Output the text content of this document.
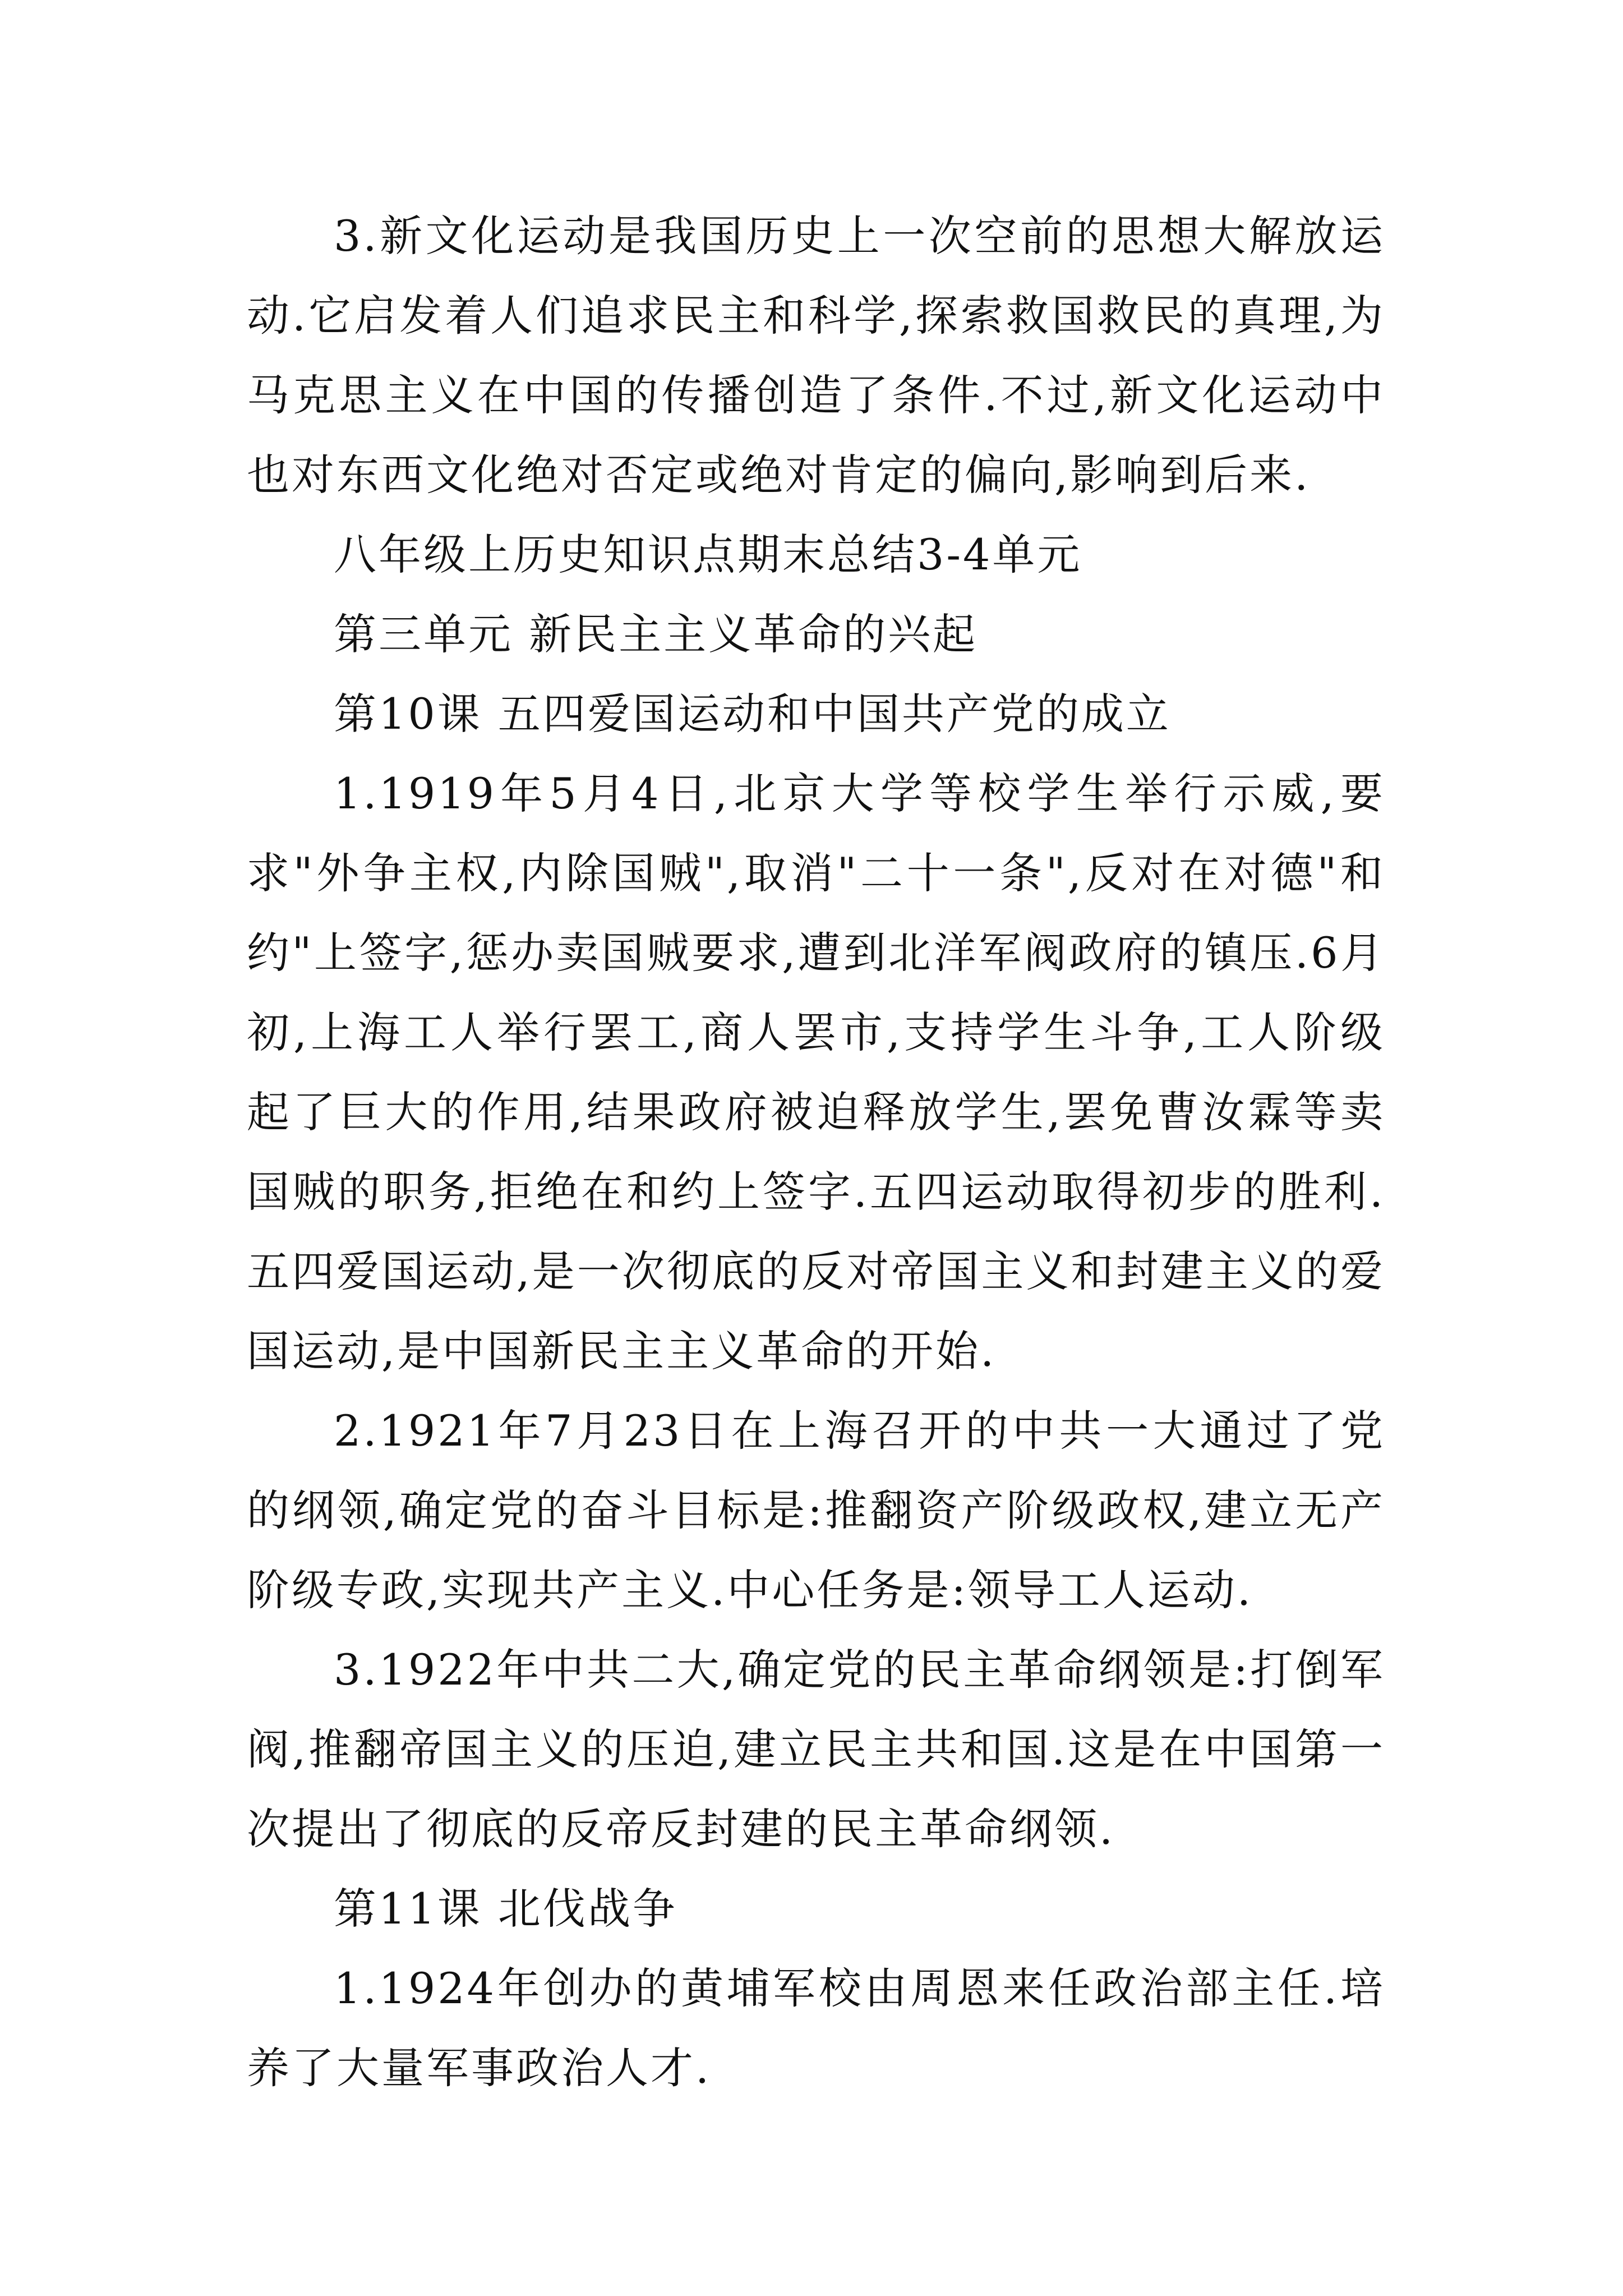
3.新文化运动是我国历史上一次空前的思想大解放运动.它启发着人们追求民主和科学,探索救国救民的真理,为马克思主义在中国的传播创造了条件.不过,新文化运动中也对东西文化绝对否定或绝对肯定的偏向,影响到后来.

八年级上历史知识点期末总结3-4单元

第三单元 新民主主义革命的兴起

第10课 五四爱国运动和中国共产党的成立

1.1919年5月4日,北京大学等校学生举行示威,要求"外争主权,内除国贼",取消"二十一条",反对在对德"和约"上签字,惩办卖国贼要求,遭到北洋军阀政府的镇压.6月初,上海工人举行罢工,商人罢市,支持学生斗争,工人阶级起了巨大的作用,结果政府被迫释放学生,罢免曹汝霖等卖国贼的职务,拒绝在和约上签字.五四运动取得初步的胜利.五四爱国运动,是一次彻底的反对帝国主义和封建主义的爱国运动,是中国新民主主义革命的开始.

2.1921年7月23日在上海召开的中共一大通过了党的纲领,确定党的奋斗目标是:推翻资产阶级政权,建立无产阶级专政,实现共产主义.中心任务是:领导工人运动.

3.1922年中共二大,确定党的民主革命纲领是:打倒军阀,推翻帝国主义的压迫,建立民主共和国.这是在中国第一次提出了彻底的反帝反封建的民主革命纲领.

第11课 北伐战争

1.1924年创办的黄埔军校由周恩来任政治部主任.培养了大量军事政治人才.
